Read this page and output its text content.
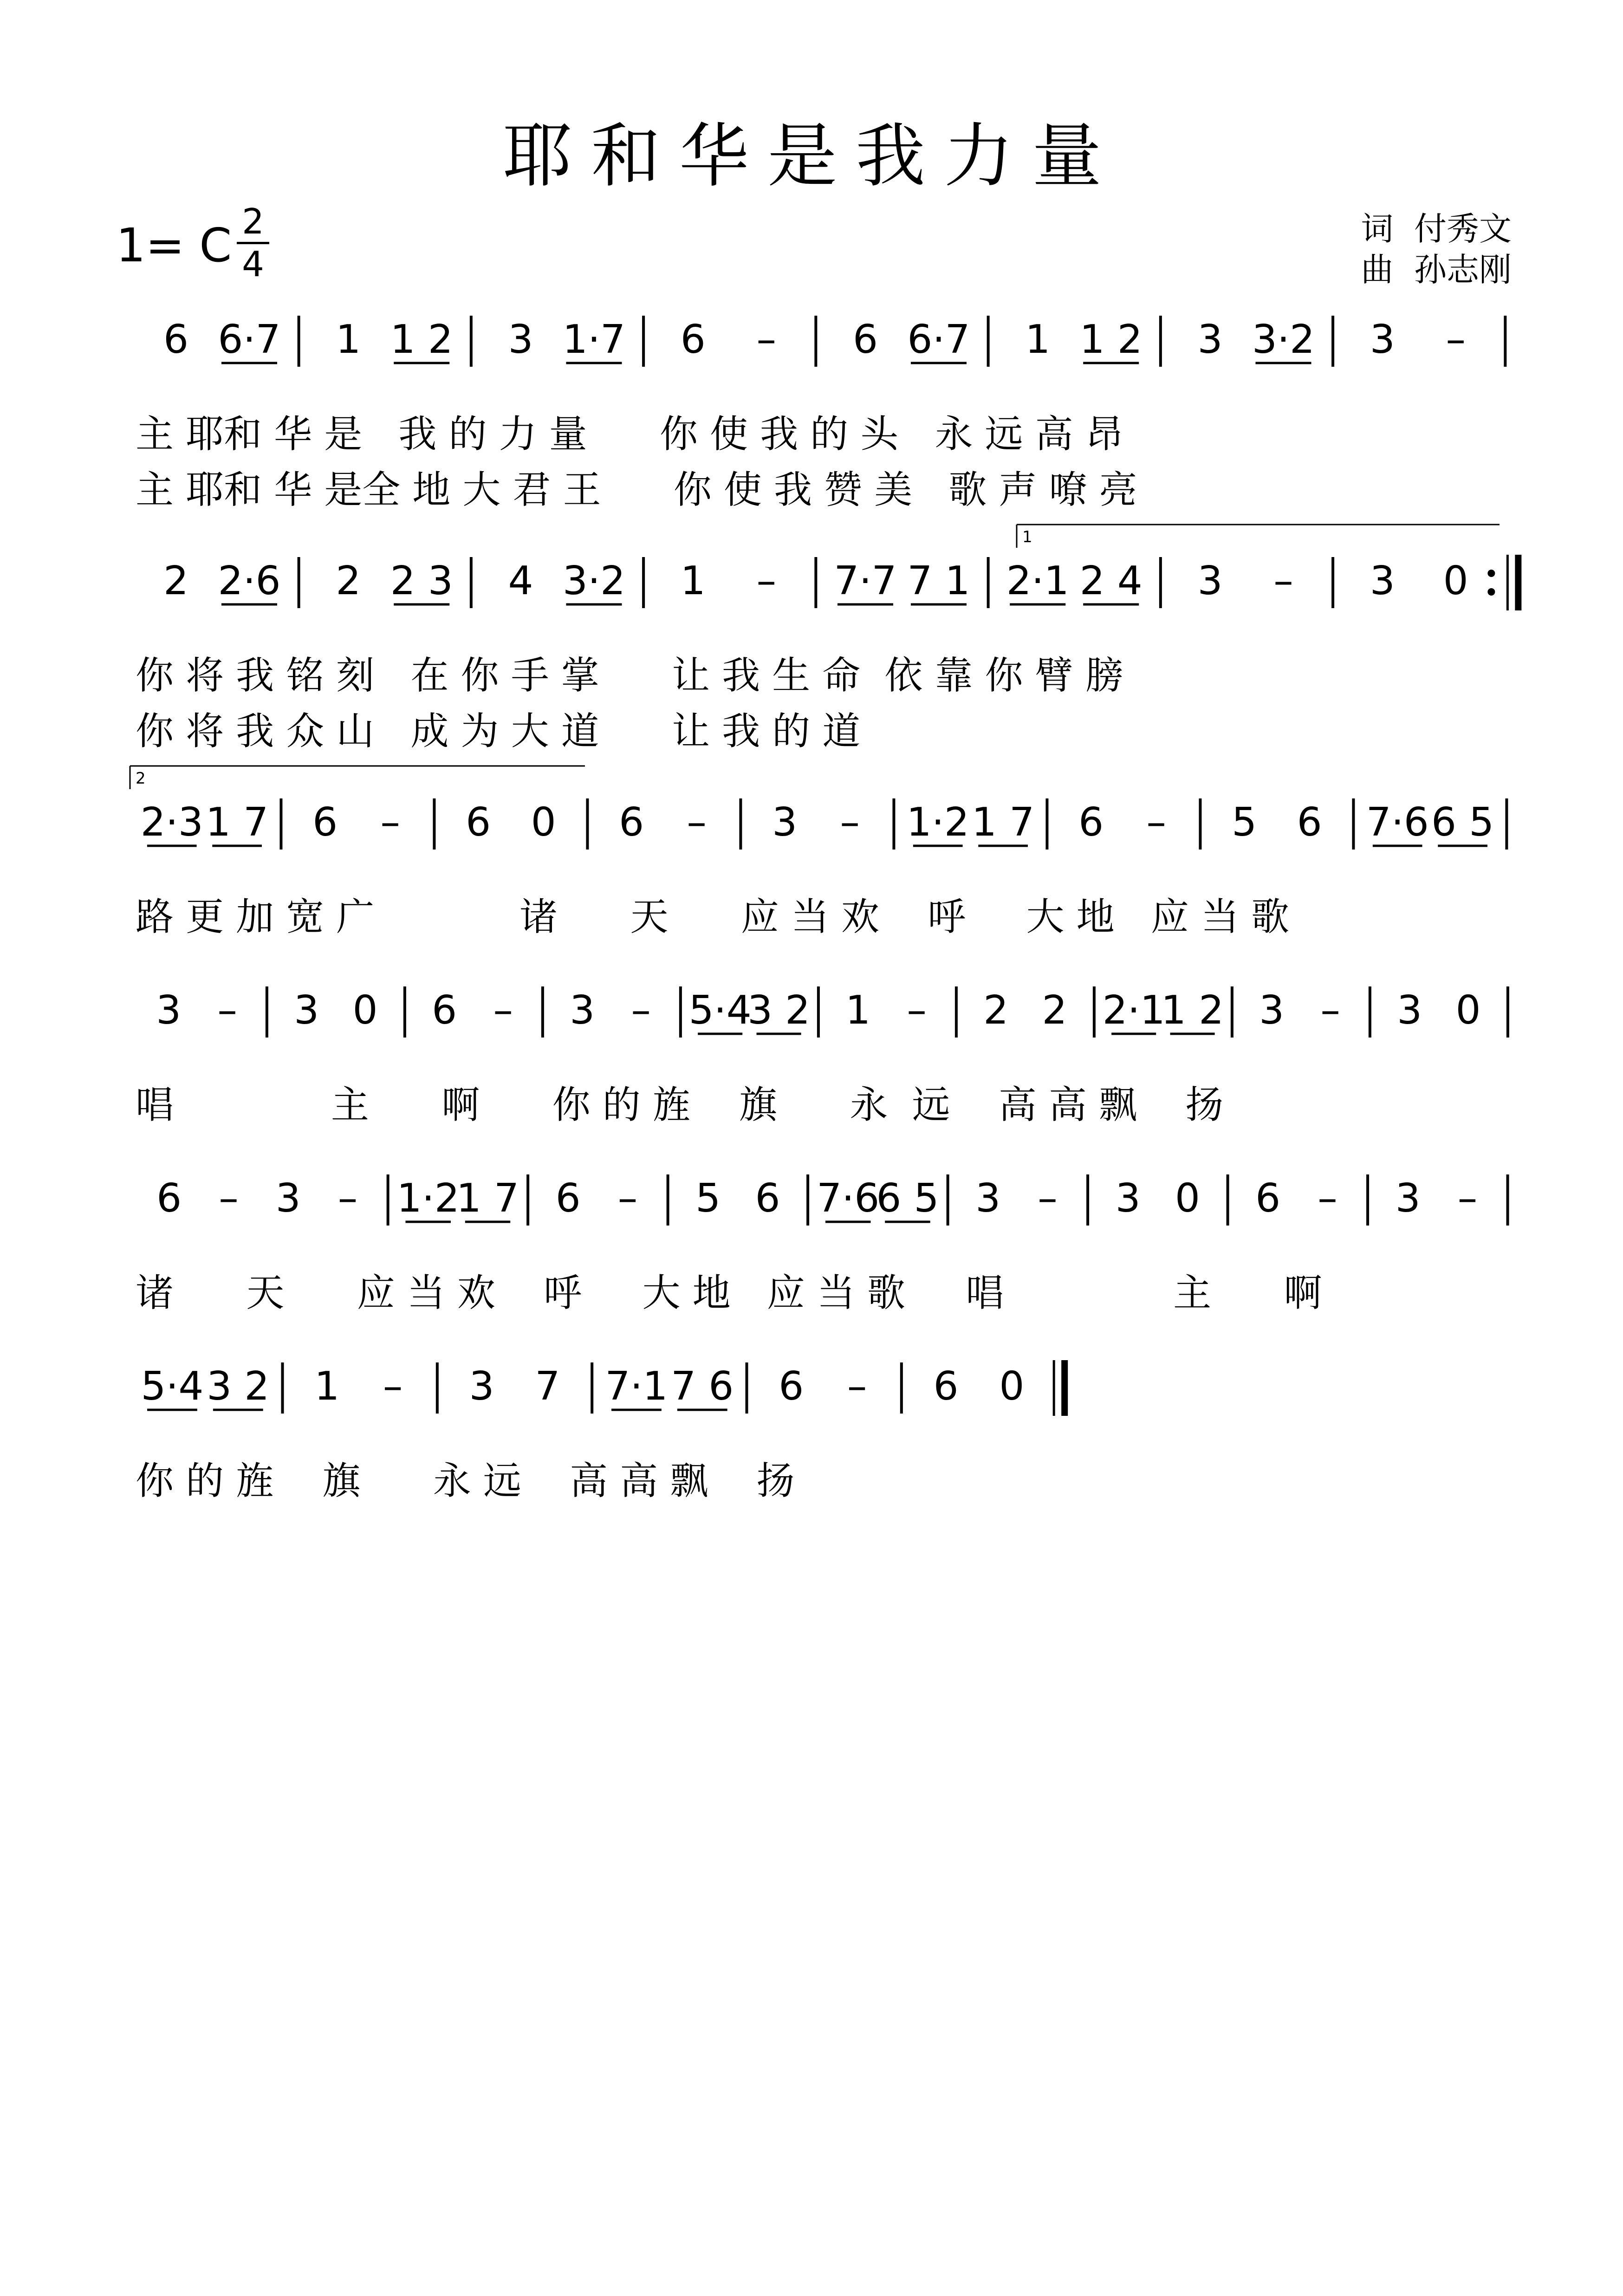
耶和华是我力量
1= C $\frac{2}{4}$	词  付秀文
曲  孙志刚
6 6·7 1 1 2 3 1·7 6 – 6 6·7 1 1 2 3 3·2 3 –
2 2·6 2 2 3 4 3·2 1 – 7·7 7 1 2·1 2 4 3 – 3 0
1
2·3 1 7 6 – 6 0 6 – 3 – 1·2 1 7 6 – 5 6 7·6 6 5
2
3 – 3 0 6 – 3 – 5·4
3 2 1 – 2 2 2·1
1 2 3 – 3 0
6 – 3 – 1·2
1 7 6 – 5 6 7·6
6 5 3 – 3 0 6 – 3 –
5·4 3 2 1 – 3 7 7·1 7 6 6 – 6 0
主 耶和 华 是   我 的 力 量      你 使 我 的 头   永 远 高 昂
主 耶和 华 是全 地 大 君 王      你 使 我 赞 美   歌 声 嘹 亮
你 将 我 铭 刻   在 你 手 掌      让 我 生 命  依 靠 你 臂 膀
你 将 我 众 山   成 为 大 道      让 我 的 道
路 更 加 宽 广            诸      天      应 当 欢    呼     大 地   应 当 歌
唱             主      啊      你 的 旌    旗      永  远    高 高 飘    扬
诸      天      应 当 欢    呼     大 地   应 当 歌     唱              主      啊
你 的 旌    旗      永 远    高 高 飘    扬
